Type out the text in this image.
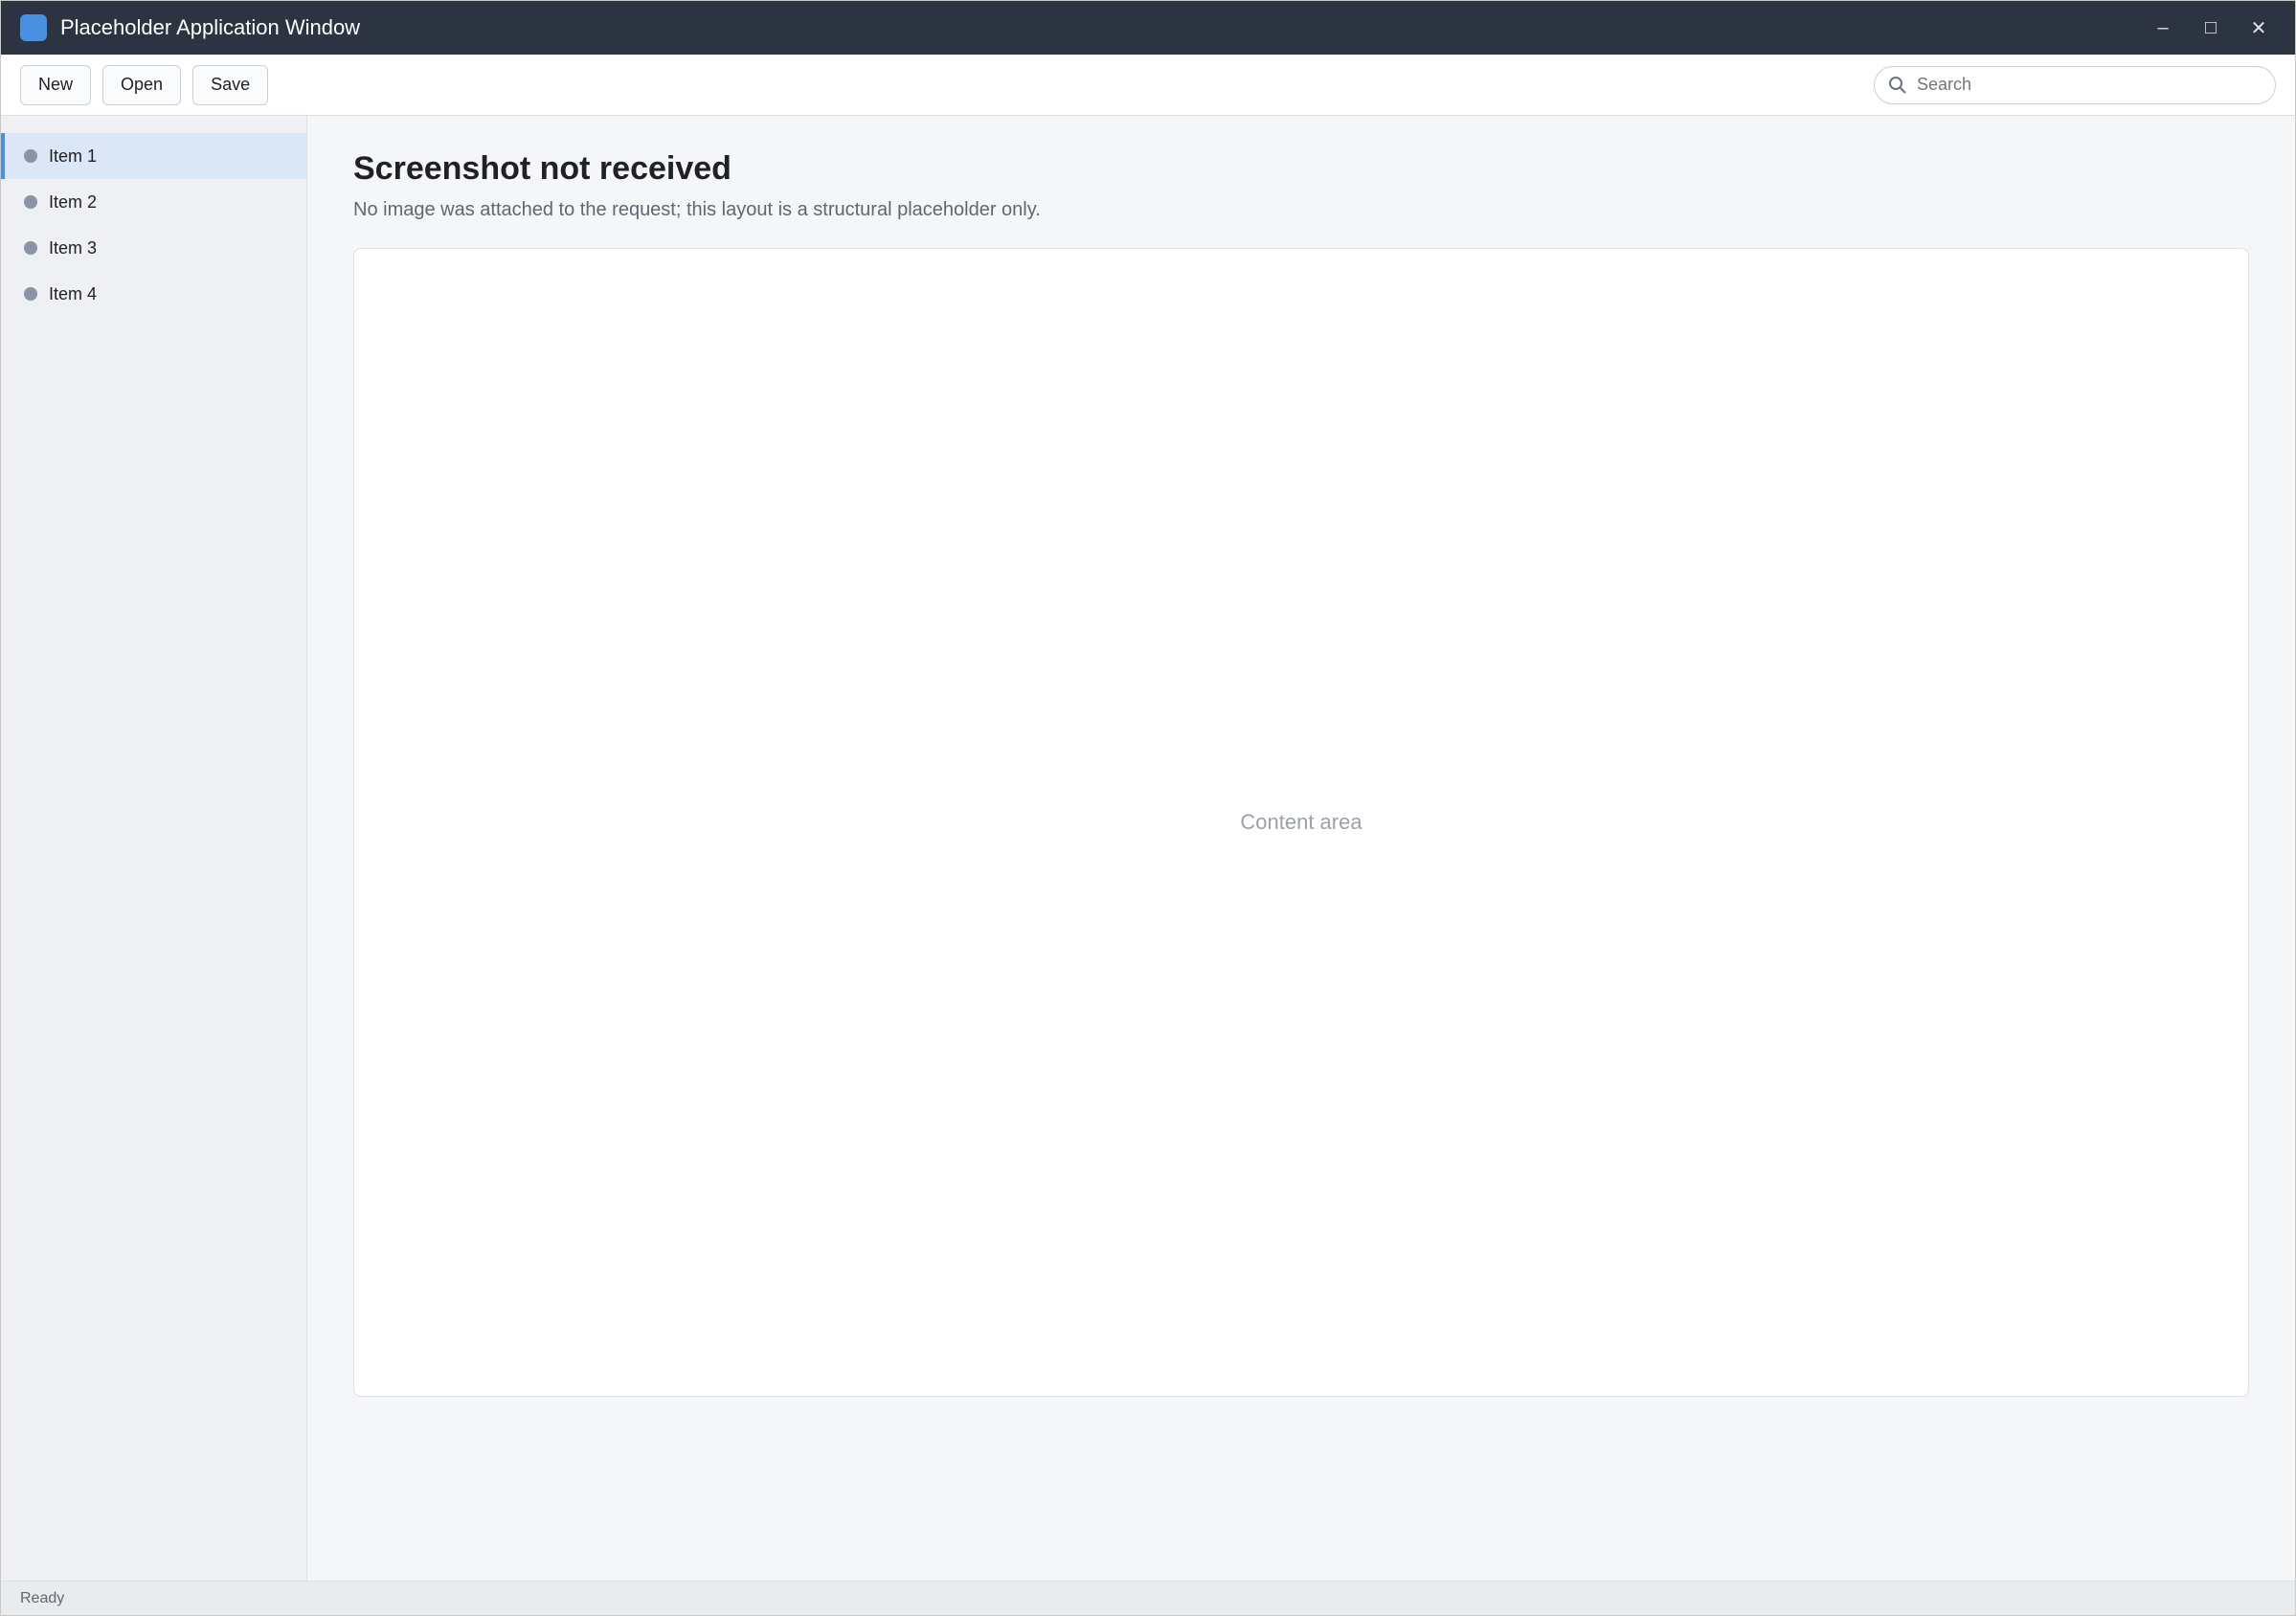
Placeholder Application Window	–	□	✕
New	Open	Save
Search
Item 1
Item 2
Item 3
Item 4
Screenshot not received

No image was attached to the request; this layout is a structural placeholder only.

Content area
Ready
